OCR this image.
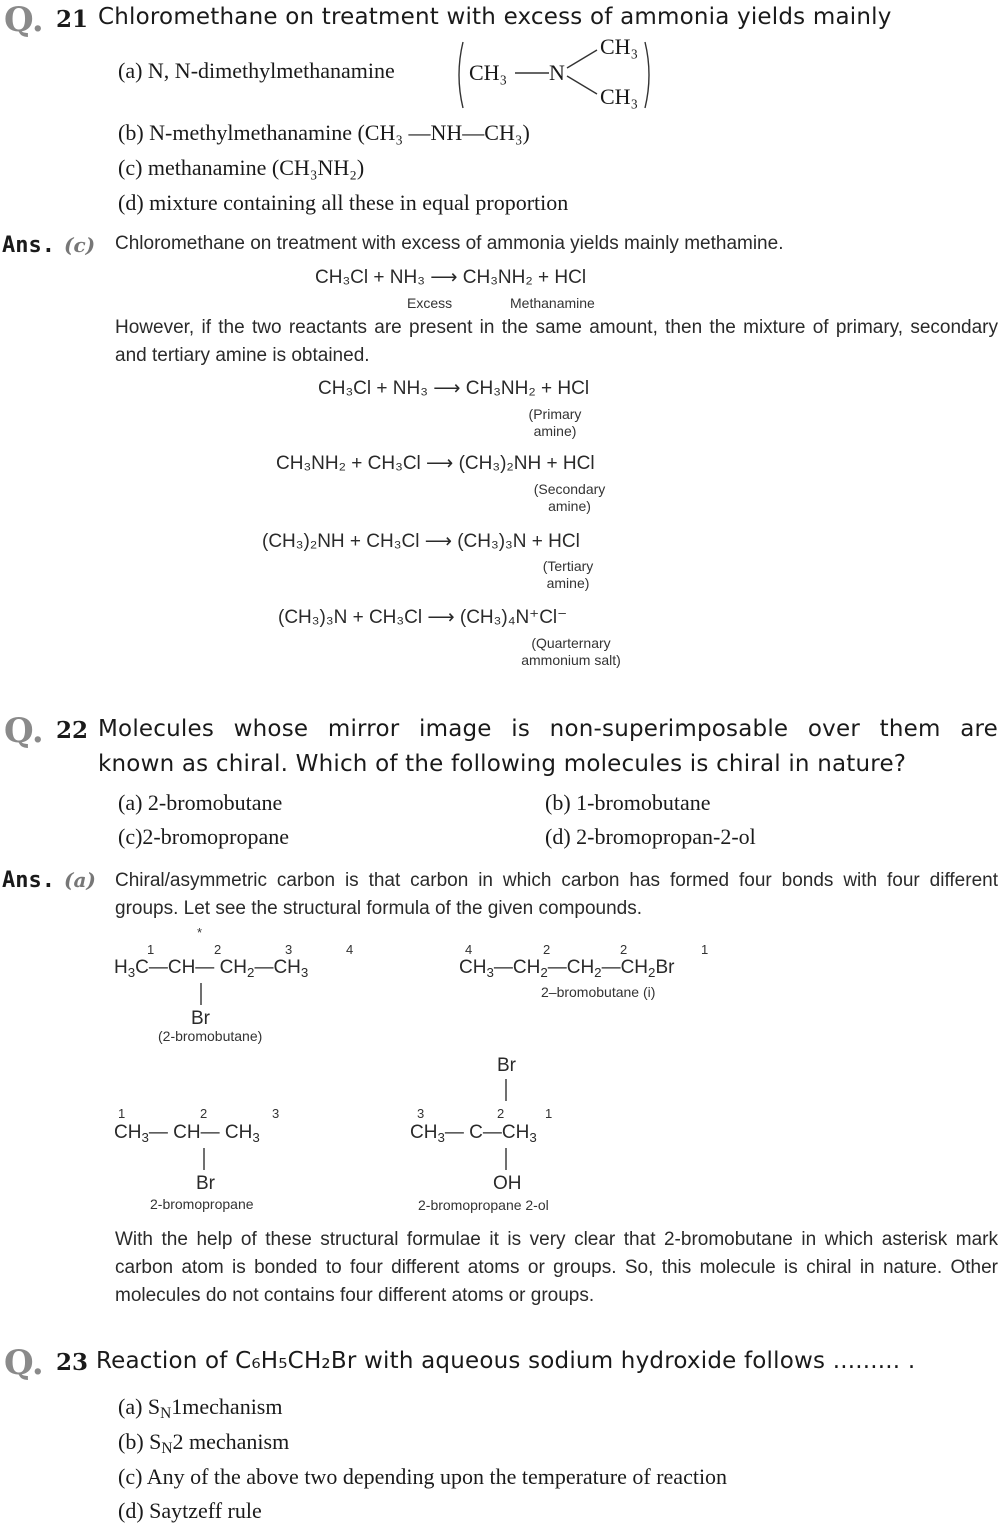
Q. 21 Chloromethane on treatment with excess of ammonia yields mainly
(a) N, N-dimethylmethanamine	CH₃ N
CH₃
CH₃
(b) N-methylmethanamine (CH₃ —NH—CH₃)
(c) methanamine (CH₃NH₂)
(d) mixture containing all these in equal proportion
Ans. (c) Chloromethane on treatment with excess of ammonia yields mainly methamine.
CH₃Cl + NH₃ ⟶ CH₃NH₂ + HCl
Excess	Methanamine
However, if the two reactants are present in the same amount, then the mixture of primary, secondary and tertiary amine is obtained.
CH₃Cl + NH₃ ⟶ CH₃NH₂ + HCl
(Primary amine)
CH₃NH₂ + CH₃Cl ⟶ (CH₃)₂NH + HCl
(Secondary amine)
(CH₃)₂NH + CH₃Cl ⟶ (CH₃)₃N + HCl
(Tertiary amine)
(CH₃)₃N + CH₃Cl ⟶ (CH₃)₄N⁺Cl⁻
(Quarternary ammonium salt)
Q. 22 Molecules whose mirror image is non-superimposable over them are
known as chiral. Which of the following molecules is chiral in nature?
(a) 2-bromobutane	(b) 1-bromobutane
(c)2-bromopropane	(d) 2-bromopropan-2-ol
Ans. (a) Chiral/asymmetric carbon is that carbon in which carbon has formed four bonds with four different groups. Let see the structural formula of the given compounds.
*
1	2	3	4
$H_3C—CH—$ $CH_2—CH_3$
Br
(2-bromobutane)
4	2	2	1
$CH_3—CH_2—CH_2—CH_2Br$
2–bromobutane (i)
1	2	3
$CH_3—$ CH— $CH_3$
Br
2-bromopropane
Br
3	2	1
$CH_3—$ $C—CH_3$
OH
2-bromopropane 2-ol
With the help of these structural formulae it is very clear that 2-bromobutane in which asterisk mark carbon atom is bonded to four different atoms or groups. So, this molecule is chiral in nature. Other molecules do not contains four different atoms or groups.
Q. 23 Reaction of C₆H₅CH₂Br with aqueous sodium hydroxide follows ......... .
(a) $S_N1mechanism$
(b) $S_N2$ mechanism
(c) Any of the above two depending upon the temperature of reaction
(d) Saytzeff rule
